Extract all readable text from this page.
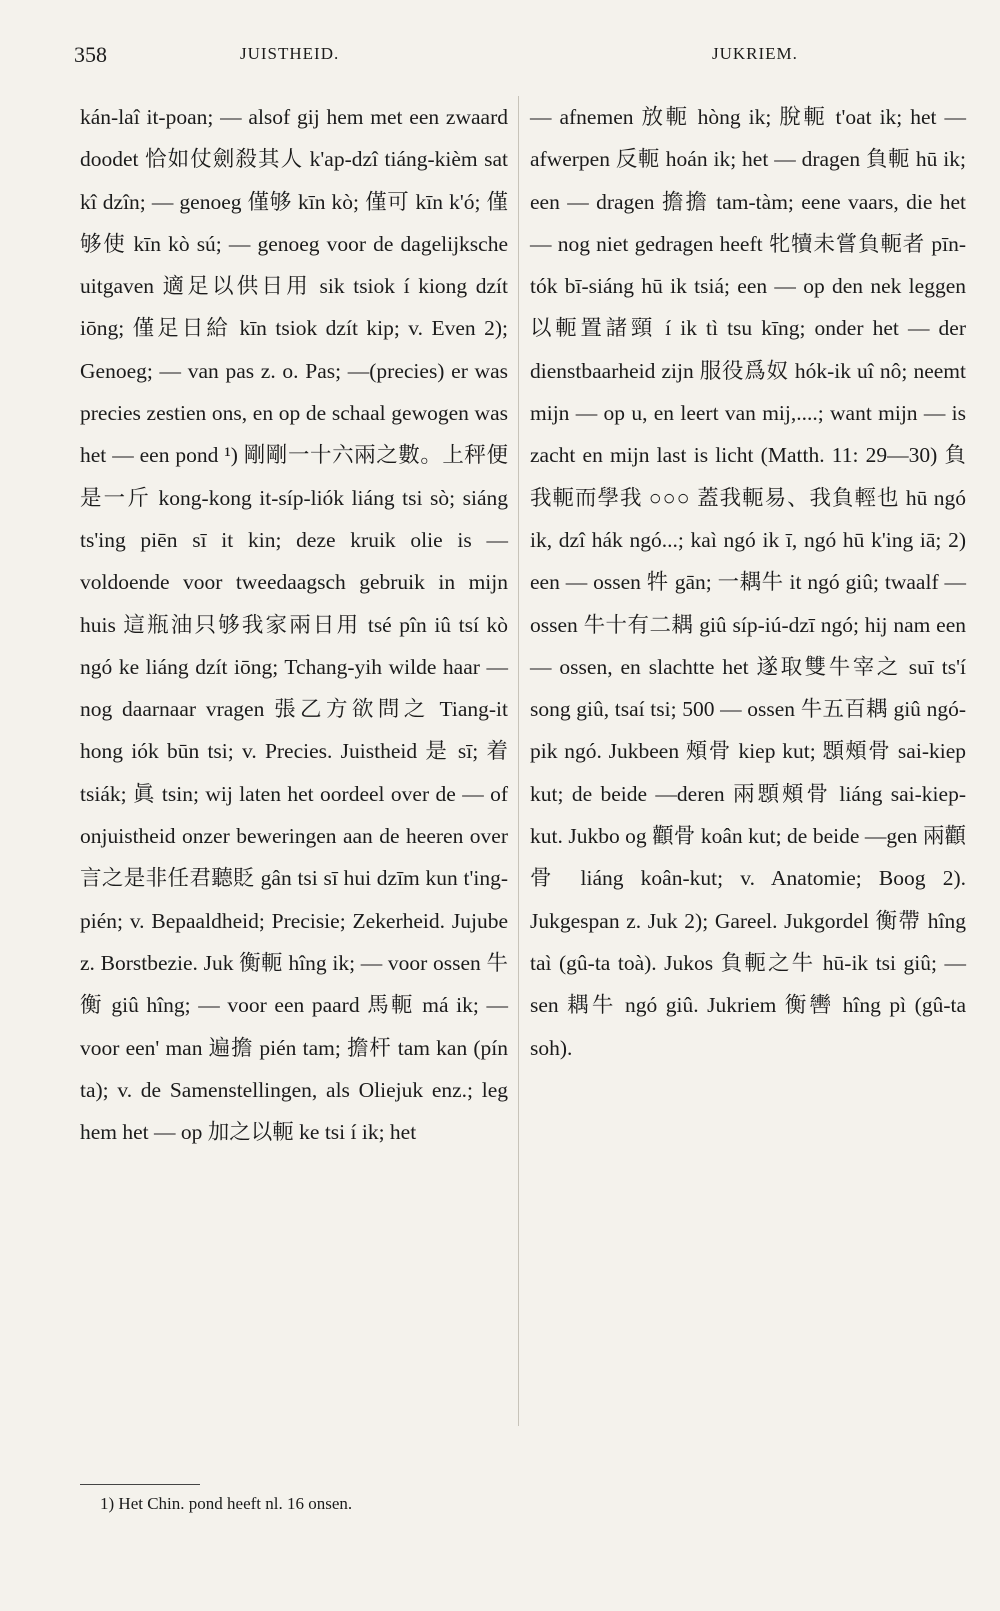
358	JUISTHEID.	JUKRIEM.

kán-laî it-poan; — alsof gij hem met een zwaard doodet 恰如仗劍殺其人 k'ap-dzî tiáng-kièm sat kî dzîn; — genoeg 僅够 kīn kò; 僅可 kīn k'ó; 僅够使 kīn kò sú; — genoeg voor de dagelijksche uitgaven 適足以供日用 sik tsiok í kiong dzít iōng; 僅足日給 kīn tsiok dzít kip; v. Even 2); Genoeg; — van pas z. o. Pas; —(precies) er was precies zestien ons, en op de schaal gewogen was het — een pond ¹) 剛剛一十六兩之數。上秤便是一斤 kong-kong it-síp-liók liáng tsi sò; siáng ts'ing piēn sī it kin; deze kruik olie is — voldoende voor tweedaagsch gebruik in mijn huis 這瓶油只够我家兩日用 tsé pîn iû tsí kò ngó ke liáng dzít iōng; Tchang-yih wilde haar — nog daarnaar vragen 張乙方欲問之 Tiang-it hong iók būn tsi; v. Precies. Juistheid 是 sī; 着 tsiák; 眞 tsin; wij laten het oordeel over de — of onjuistheid onzer beweringen aan de heeren over 言之是非任君聽貶 gân tsi sī hui dzīm kun t'ing-pién; v. Bepaaldheid; Precisie; Zekerheid. Jujube z. Borstbezie. Juk 衡軛 hîng ik; — voor ossen 牛衡 giû hîng; — voor een paard 馬軛 má ik; — voor een' man 遍擔 pién tam; 擔杆 tam kan (pín ta); v. de Samenstellingen, als Oliejuk enz.; leg hem het — op 加之以軛 ke tsi í ik; het

— afnemen 放軛 hòng ik; 脫軛 t'oat ik; het — afwerpen 反軛 hoán ik; het — dragen 負軛 hū ik; een — dragen 擔擔 tam-tàm; eene vaars, die het — nog niet gedragen heeft 牝犢未嘗負軛者 pīn-tók bī-siáng hū ik tsiá; een — op den nek leggen 以軛置諸頸 í ik tì tsu kīng; onder het — der dienstbaarheid zijn 服役爲奴 hók-ik uî nô; neemt mijn — op u, en leert van mij,....; want mijn — is zacht en mijn last is licht (Matth. 11: 29—30) 負我軛而學我 ○○○ 蓋我軛易、我負輕也 hū ngó ik, dzî hák ngó...; kaì ngó ik ī, ngó hū k'ing iā; 2) een — ossen 牪 gān; 一耦牛 it ngó giû; twaalf — ossen 牛十有二耦 giû síp-iú-dzī ngó; hij nam een — ossen, en slachtte het 遂取雙牛宰之 suī ts'í song giû, tsaí tsi; 500 — ossen 牛五百耦 giû ngó-pik ngó. Jukbeen 頰骨 kiep kut; 顋頰骨 sai-kiep kut; de beide —deren 兩顋頰骨 liáng sai-kiep-kut. Jukbo og 顴骨 koân kut; de beide —gen 兩顴骨 liáng koân-kut; v. Anatomie; Boog 2). Jukgespan z. Juk 2); Gareel. Jukgordel 衡帶 hîng taì (gû-ta toà). Jukos 負軛之牛 hū-ik tsi giû; —sen 耦牛 ngó giû. Jukriem 衡轡 hîng pì (gû-ta soh).

1) Het Chin. pond heeft nl. 16 onsen.
